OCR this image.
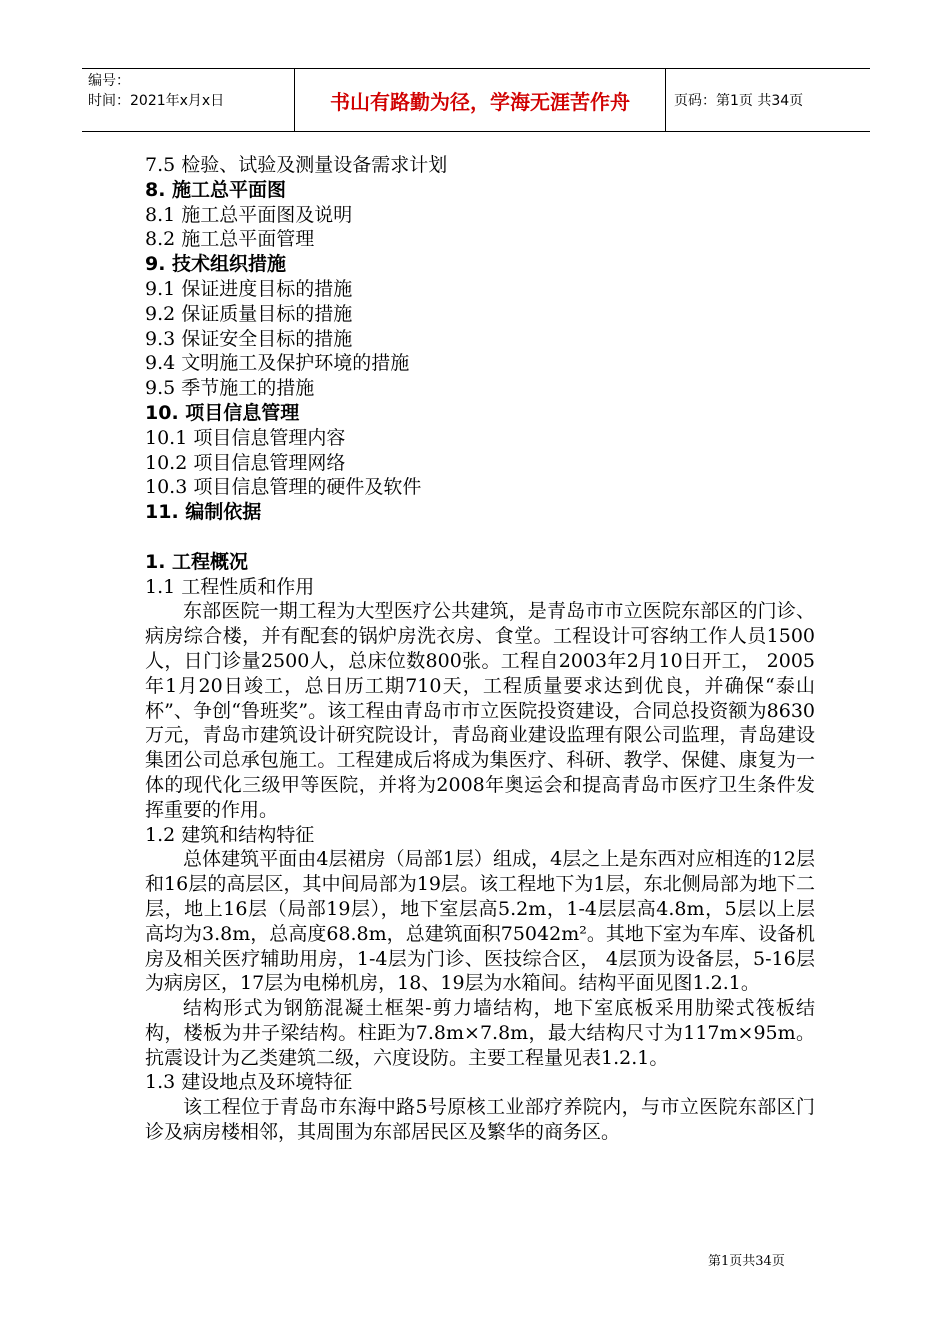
编号：
时间：2021年x月x日	书山有路勤为径，学海无涯苦作舟	页码：第1页 共34页
7.5 检验、试验及测量设备需求计划
8. 施工总平面图
8.1 施工总平面图及说明
8.2 施工总平面管理
9. 技术组织措施
9.1 保证进度目标的措施
9.2 保证质量目标的措施
9.3 保证安全目标的措施
9.4 文明施工及保护环境的措施
9.5 季节施工的措施
10. 项目信息管理
10.1 项目信息管理内容
10.2 项目信息管理网络
10.3 项目信息管理的硬件及软件
11. 编制依据
1. 工程概况
1.1 工程性质和作用
东部医院一期工程为大型医疗公共建筑，是青岛市市立医院东部区的门诊、病房综合楼，并有配套的锅炉房洗衣房、食堂。工程设计可容纳工作人员1500人，日门诊量2500人，总床位数800张。工程自2003年2月10日开工， 2005年1月20日竣工，总日历工期710天，工程质量要求达到优良，并确保“泰山杯”、争创“鲁班奖”。该工程由青岛市市立医院投资建设，合同总投资额为8630万元，青岛市建筑设计研究院设计，青岛商业建设监理有限公司监理，青岛建设集团公司总承包施工。工程建成后将成为集医疗、科研、教学、保健、康复为一体的现代化三级甲等医院，并将为2008年奥运会和提高青岛市医疗卫生条件发挥重要的作用。
1.2 建筑和结构特征
总体建筑平面由4层裙房（局部1层）组成，4层之上是东西对应相连的12层和16层的高层区，其中间局部为19层。该工程地下为1层，东北侧局部为地下二层，地上16层（局部19层），地下室层高5.2m，1-4层层高4.8m，5层以上层高均为3.8m，总高度68.8m，总建筑面积75042m²。其地下室为车库、设备机房及相关医疗辅助用房，1-4层为门诊、医技综合区， 4层顶为设备层，5-16层为病房区，17层为电梯机房，18、19层为水箱间。结构平面见图1.2.1。
结构形式为钢筋混凝土框架-剪力墙结构，地下室底板采用肋梁式筏板结构，楼板为井子梁结构。柱距为7.8m×7.8m，最大结构尺寸为117m×95m。抗震设计为乙类建筑二级，六度设防。主要工程量见表1.2.1。
1.3 建设地点及环境特征
该工程位于青岛市东海中路5号原核工业部疗养院内，与市立医院东部区门诊及病房楼相邻，其周围为东部居民区及繁华的商务区。
第1页共34页
